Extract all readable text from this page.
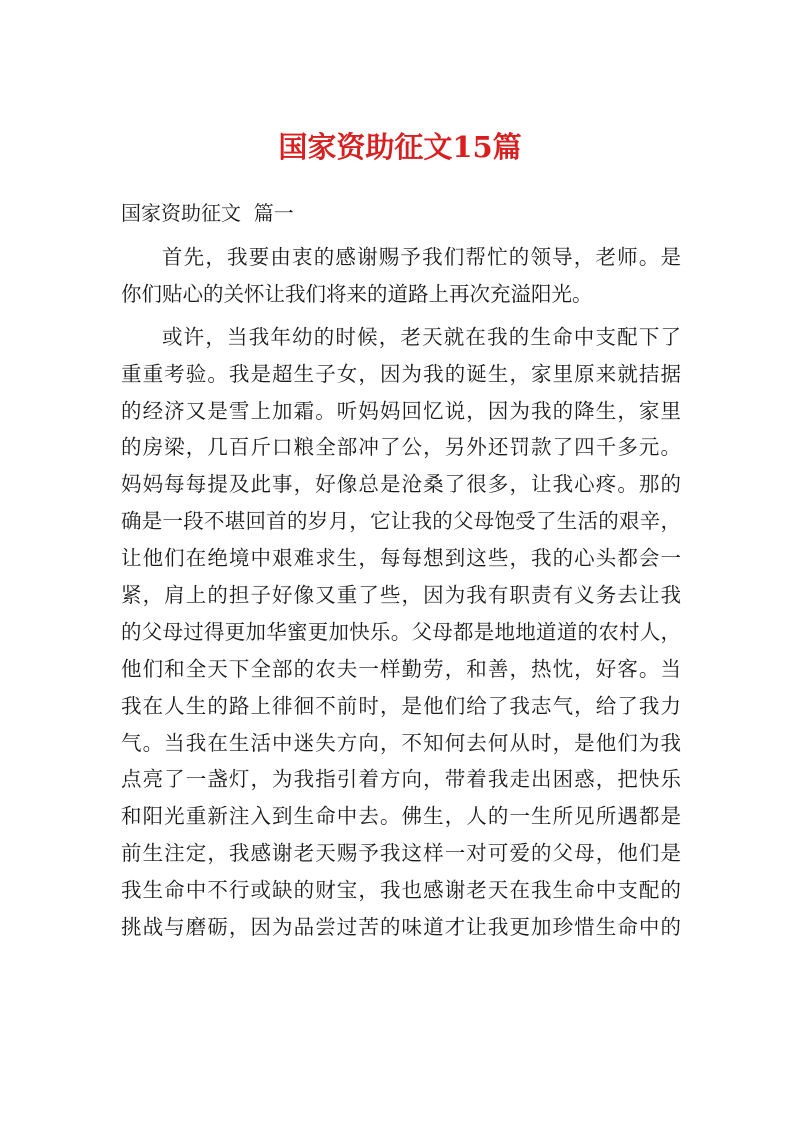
国家资助征文15篇
国家资助征文  篇一
首先，我要由衷的感谢赐予我们帮忙的领导，老师。是
你们贴心的关怀让我们将来的道路上再次充溢阳光。
或许，当我年幼的时候，老天就在我的生命中支配下了
重重考验。我是超生子女，因为我的诞生，家里原来就拮据
的经济又是雪上加霜。听妈妈回忆说，因为我的降生，家里
的房梁，几百斤口粮全部冲了公，另外还罚款了四千多元。
妈妈每每提及此事，好像总是沧桑了很多，让我心疼。那的
确是一段不堪回首的岁月，它让我的父母饱受了生活的艰辛，
让他们在绝境中艰难求生，每每想到这些，我的心头都会一
紧，肩上的担子好像又重了些，因为我有职责有义务去让我
的父母过得更加华蜜更加快乐。父母都是地地道道的农村人，
他们和全天下全部的农夫一样勤劳，和善，热忱，好客。当
我在人生的路上徘徊不前时，是他们给了我志气，给了我力
气。当我在生活中迷失方向，不知何去何从时，是他们为我
点亮了一盏灯，为我指引着方向，带着我走出困惑，把快乐
和阳光重新注入到生命中去。佛生，人的一生所见所遇都是
前生注定，我感谢老天赐予我这样一对可爱的父母，他们是
我生命中不行或缺的财宝，我也感谢老天在我生命中支配的
挑战与磨砺，因为品尝过苦的味道才让我更加珍惜生命中的
